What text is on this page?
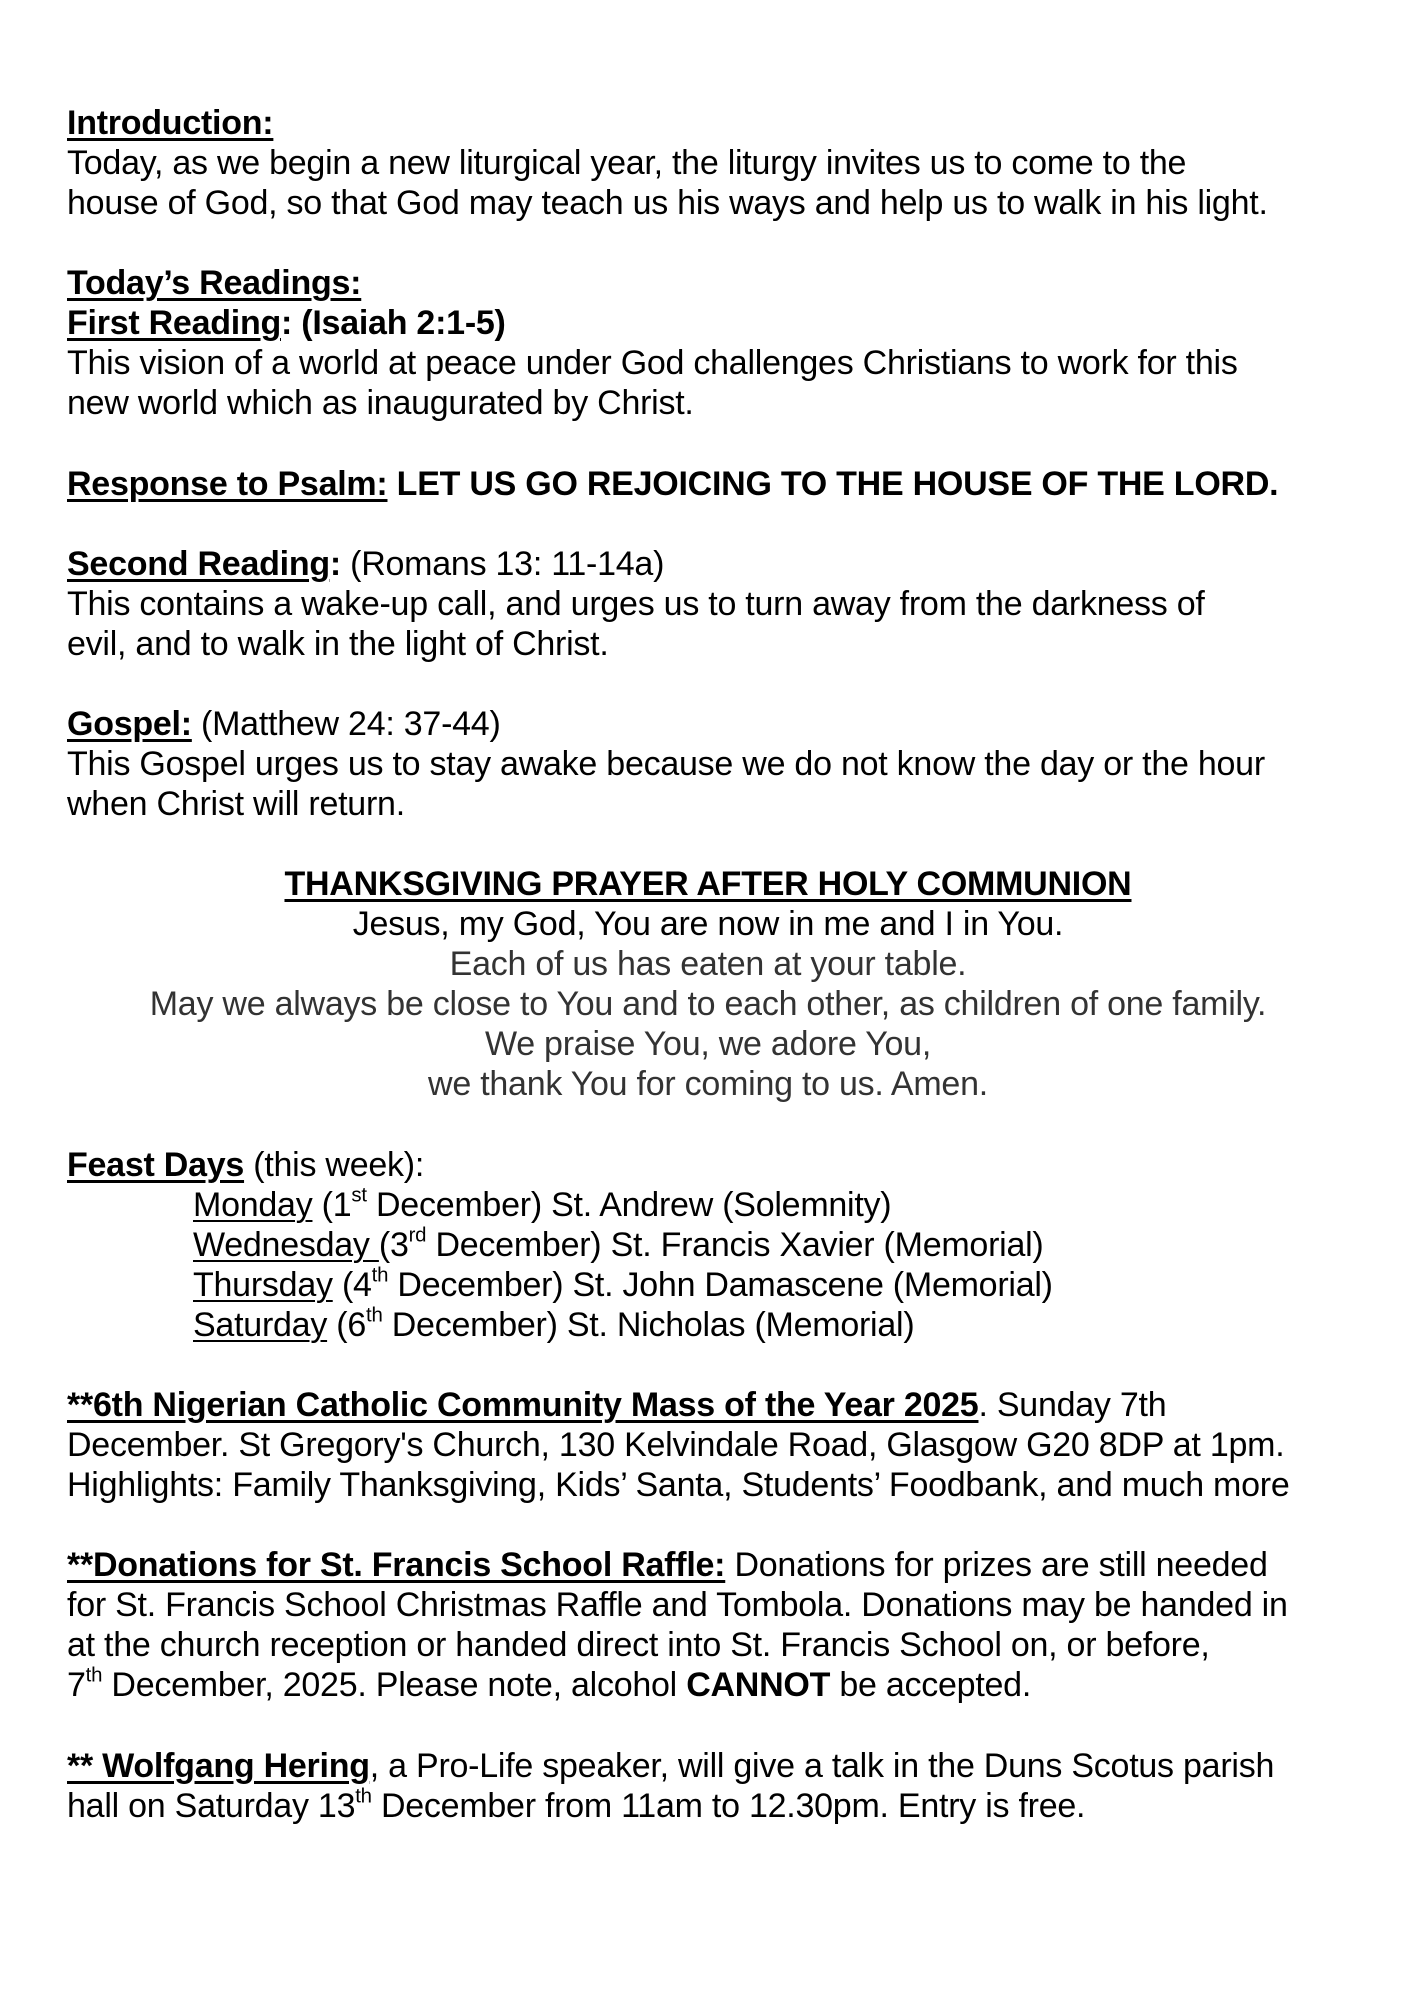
Introduction:
Today, as we begin a new liturgical year, the liturgy invites us to come to the
house of God, so that God may teach us his ways and help us to walk in his light.
Today’s Readings:
First Reading: (Isaiah 2:1-5)
This vision of a world at peace under God challenges Christians to work for this
new world which as inaugurated by Christ.
Response to Psalm: LET US GO REJOICING TO THE HOUSE OF THE LORD.
Second Reading: (Romans 13: 11-14a)
This contains a wake-up call, and urges us to turn away from the darkness of
evil, and to walk in the light of Christ.
Gospel: (Matthew 24: 37-44)
This Gospel urges us to stay awake because we do not know the day or the hour
when Christ will return.
THANKSGIVING PRAYER AFTER HOLY COMMUNION
Jesus, my God, You are now in me and I in You.
Each of us has eaten at your table.
May we always be close to You and to each other, as children of one family.
We praise You, we adore You,
we thank You for coming to us. Amen.
Feast Days (this week):
Monday (1st December) St. Andrew (Solemnity)
Wednesday (3rd December) St. Francis Xavier (Memorial)
Thursday (4th December) St. John Damascene (Memorial)
Saturday (6th December) St. Nicholas (Memorial)
**6th Nigerian Catholic Community Mass of the Year 2025. Sunday 7th
December. St Gregory's Church, 130 Kelvindale Road, Glasgow G20 8DP at 1pm.
Highlights: Family Thanksgiving, Kids’ Santa, Students’ Foodbank, and much more
**Donations for St. Francis School Raffle: Donations for prizes are still needed
for St. Francis School Christmas Raffle and Tombola. Donations may be handed in
at the church reception or handed direct into St. Francis School on, or before,
7th December, 2025. Please note, alcohol CANNOT be accepted.
** Wolfgang Hering, a Pro-Life speaker, will give a talk in the Duns Scotus parish
hall on Saturday 13th December from 11am to 12.30pm. Entry is free.
